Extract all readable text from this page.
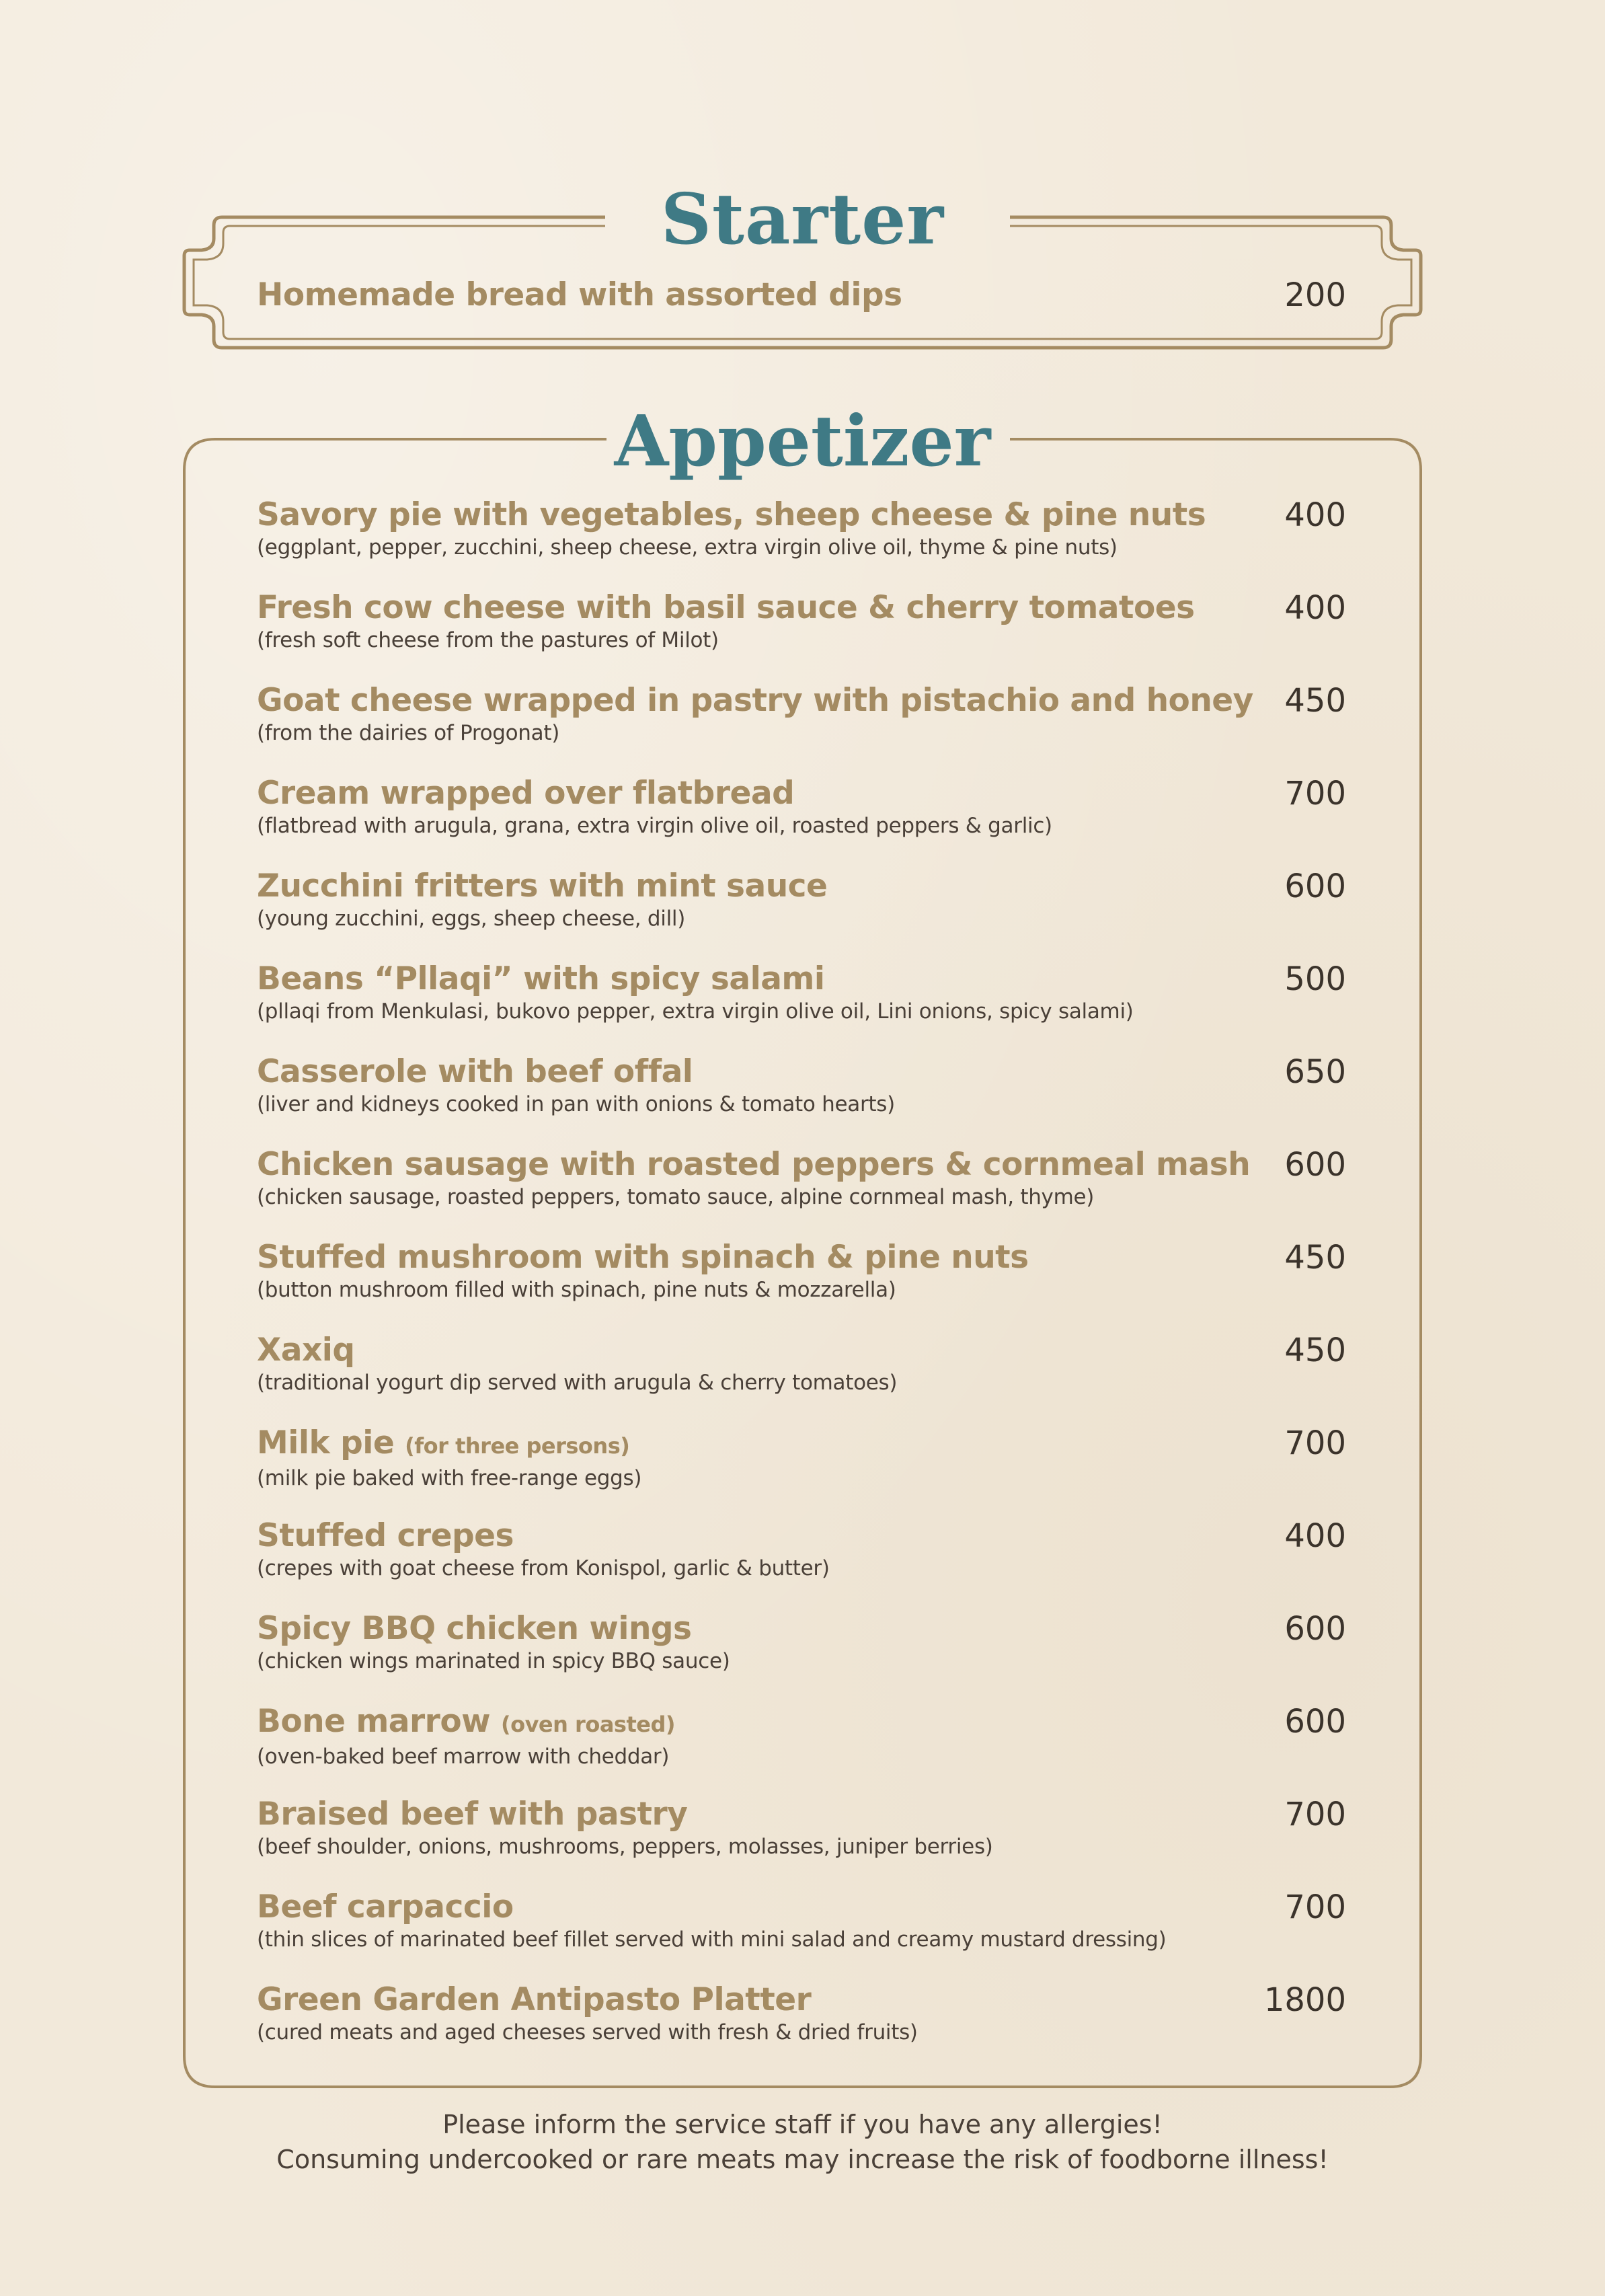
Starter
Appetizer
Homemade bread with assorted dips	200
Savory pie with vegetables, sheep cheese & pine nuts
(eggplant, pepper, zucchini, sheep cheese, extra virgin olive oil, thyme & pine nuts)
400
Fresh cow cheese with basil sauce & cherry tomatoes
(fresh soft cheese from the pastures of Milot)
400
Goat cheese wrapped in pastry with pistachio and honey
(from the dairies of Progonat)
450
Cream wrapped over flatbread
(flatbread with arugula, grana, extra virgin olive oil, roasted peppers & garlic)
700
Zucchini fritters with mint sauce
(young zucchini, eggs, sheep cheese, dill)
600
Beans “Pllaqi” with spicy salami
(pllaqi from Menkulasi, bukovo pepper, extra virgin olive oil, Lini onions, spicy salami)
500
Casserole with beef offal
(liver and kidneys cooked in pan with onions & tomato hearts)
650
Chicken sausage with roasted peppers & cornmeal mash
(chicken sausage, roasted peppers, tomato sauce, alpine cornmeal mash, thyme)
600
Stuffed mushroom with spinach & pine nuts
(button mushroom filled with spinach, pine nuts & mozzarella)
450
Xaxiq
(traditional yogurt dip served with arugula & cherry tomatoes)
450
Milk pie (for three persons)
(milk pie baked with free-range eggs)
700
Stuffed crepes
(crepes with goat cheese from Konispol, garlic & butter)
400
Spicy BBQ chicken wings
(chicken wings marinated in spicy BBQ sauce)
600
Bone marrow (oven roasted)
(oven-baked beef marrow with cheddar)
600
Braised beef with pastry
(beef shoulder, onions, mushrooms, peppers, molasses, juniper berries)
700
Beef carpaccio
(thin slices of marinated beef fillet served with mini salad and creamy mustard dressing)
700
Green Garden Antipasto Platter
(cured meats and aged cheeses served with fresh & dried fruits)
1800
Please inform the service staff if you have any allergies!
Consuming undercooked or rare meats may increase the risk of foodborne illness!
